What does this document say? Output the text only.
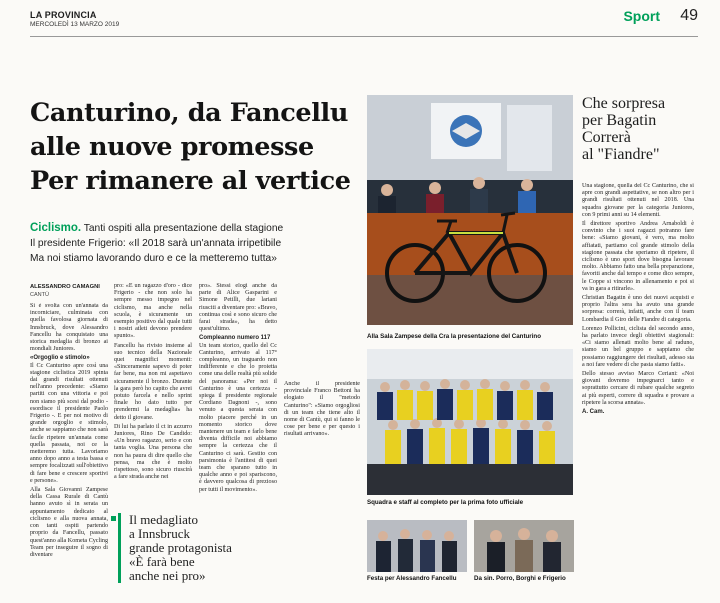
LA PROVINCIA
MERCOLEDÌ 13 MARZO 2019
Sport 49
Canturino, da Fancellu
alle nuove promesse
Per rimanere al vertice
Ciclismo. Tanti ospiti alla presentazione della stagione
Il presidente Frigerio: «Il 2018 sarà un'annata irripetibile
Ma noi stiamo lavorando duro e ce la metteremo tutta»
ALESSANDRO CAMAGNI
CANTÙ

Si è svolta con un'annata da incorniciare, culminata con quella favolosa giornata di Innsbruck, dove Alessandro Fancellu ha conquistato una storica medaglia di bronzo ai mondiali Juniores.

«Orgoglio e stimolo»

Il Cc Canturino apre così una stagione ciclistica 2019 spinta dai grandi risultati ottenuti nell'anno precedente: «Siamo partiti con una vittoria e poi non siamo più scesi dal podio - esordisce il presidente Paolo Frigerio -. E per noi motivo di grande orgoglio e stimolo, anche se sappiamo che non sarà facile ripetere un'annata come quella passata, noi ce la metteremo tutta. Lavoriamo anno dopo anno a testa bassa e sempre focalizzati sull'obiettivo di fare bene e crescere sportivi e persone».

Alla Sala Giovanni Zampese della Cassa Rurale di Cantù hanno avuto sì in serata un appuntamento dedicato al ciclismo e alla nuova annata, con tanti ospiti partendo proprio da Fancellu, passato quest'anno alla Kometa Cycling Team per inseguire il sogno di diventare

pro: «È un ragazzo d'oro - dice Frigerio - che non solo ha sempre messo impegno nel ciclismo, ma anche nella scuola, è sicuramente un esempio positivo dal quale tutti i nostri atleti devono prendere spunto».

Fancellu ha rivisto insieme al suo tecnico della Nazionale quei magnifici momenti: «Sinceramente sapevo di poter far bene, ma non mi aspettavo sicuramente il bronzo. Durante la gara però ho capito che avrei potuto farcela e nello sprint finale ho dato tutto per prendermi la medaglia» ha detto il giovane.

Di lui ha parlato il ct in azzurro Juniores, Rino De Candido: «Un bravo ragazzo, serio e con tanta voglia. Una persona che non ha paura di dire quello che pensa, ma che è molto rispettoso, sono sicuro riuscirà a fare strada anche nei

pro». Stessi elogi anche da parte di Alice Gasparini e Simone Petilli, due lariani riusciti a diventare pro: «Bravo, continua così e sono sicuro che farai strada», ha detto quest'ultimo.

Compleanno numero 117

Un team storico, quello del Cc Canturino, arrivato al 117° compleanno, un traguardo non indifferente e che lo proietta come una delle realtà più solide del panorama: «Per noi il Canturino è una certezza - spiega il presidente regionale Cordiano Dagnoni -, sono venuto a questa serata con molto piacere perché in un momento storico dove mantenere un team e farlo bene diventa difficile noi abbiamo sempre la certezza che il Canturino ci sarà. Gestito con parsimonia è l'antitesi di quei team che sparano tutto in qualche anno e poi spariscono, è davvero qualcosa di prezioso per tutti il movimento».

Anche il presidente provinciale Franco Bettoni ha elogiato il "metodo Canturino": «Siamo orgogliosi di un team che tiene alto il nome di Cantù, qui si fanno le cose per bene e per questo i risultati arrivano».

Il medagliato
a Innsbruck
grande protagonista
«È farà bene
anche nei pro»
Alla Sala Zampese della Cra la presentazione del Canturino
Squadra e staff al completo per la prima foto ufficiale
Festa per Alessandro Fancellu	Da sin. Porro, Borghi e Frigerio
Che sorpresa
per Bagatin
Correrà
al "Fiandre"

Una stagione, quella del Cc Canturino, che si apre con grandi aspettative, se non altro per i grandi risultati ottenuti nel 2018. Una squadra giovane per la categoria Juniores, con 9 primi anni su 14 elementi.

Il direttore sportivo Andrea Arnaboldi è convinto che i suoi ragazzi potranno fare bene: «Siamo giovani, è vero, ma molto affiatati, partiamo col grande stimolo della stagione passata che speriamo di ripetere, il ciclismo è uno sport dove bisogna lavorare molto. Abbiamo fatto una bella preparazione, favoriti anche dal tempo e come dico sempre, le Coppe si vincono in allenamento e poi si va in gara a ritirarle».

Christian Bagatin è uno dei nuovi acquisti e proprio l'altra sera ha avuto una grande sorpresa: correrà, infatti, anche con il team Lombardia il Giro delle Fiandre di categoria.

Lorenzo Pollicini, ciclista del secondo anno, ha parlato invece degli obiettivi stagionali: «Ci siamo allenati molto bene al raduno, siamo un bel gruppo e sappiamo che possiamo raggiungere dei risultati, adesso sta a noi fare vedere di che pasta siamo fatti».

Dello stesso avviso Marco Ceriani: «Noi giovani dovremo impegnarci tanto e soprattutto cercare di rubare qualche segreto ai più esperti, correre di squadra e provare a ripetere la scorsa annata».

A. Cam.
